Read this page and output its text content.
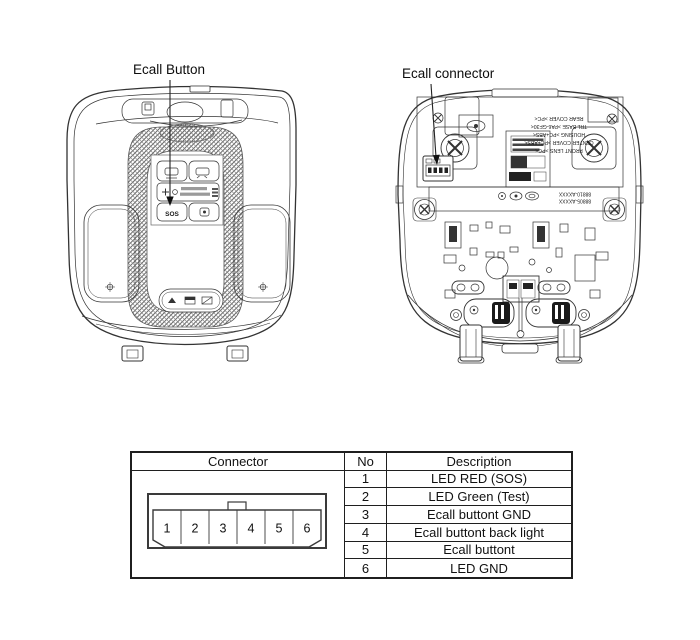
Ecall Button	Ecall connector
SOS
FRONT LENS >PC<
CENTER COVER >PC+ABS<
HOUSING >PC+ABS<
TRL BASE >PA6-GF30<
REAR COVER >PC<
88810-AXXXX
88805-AXXXX
Connector	No	Description
1 2 3 4 5 6
1	LED RED (SOS)
2	LED Green (Test)
3	Ecall buttont GND
4	Ecall buttont back light
5	Ecall buttont
6	LED GND
